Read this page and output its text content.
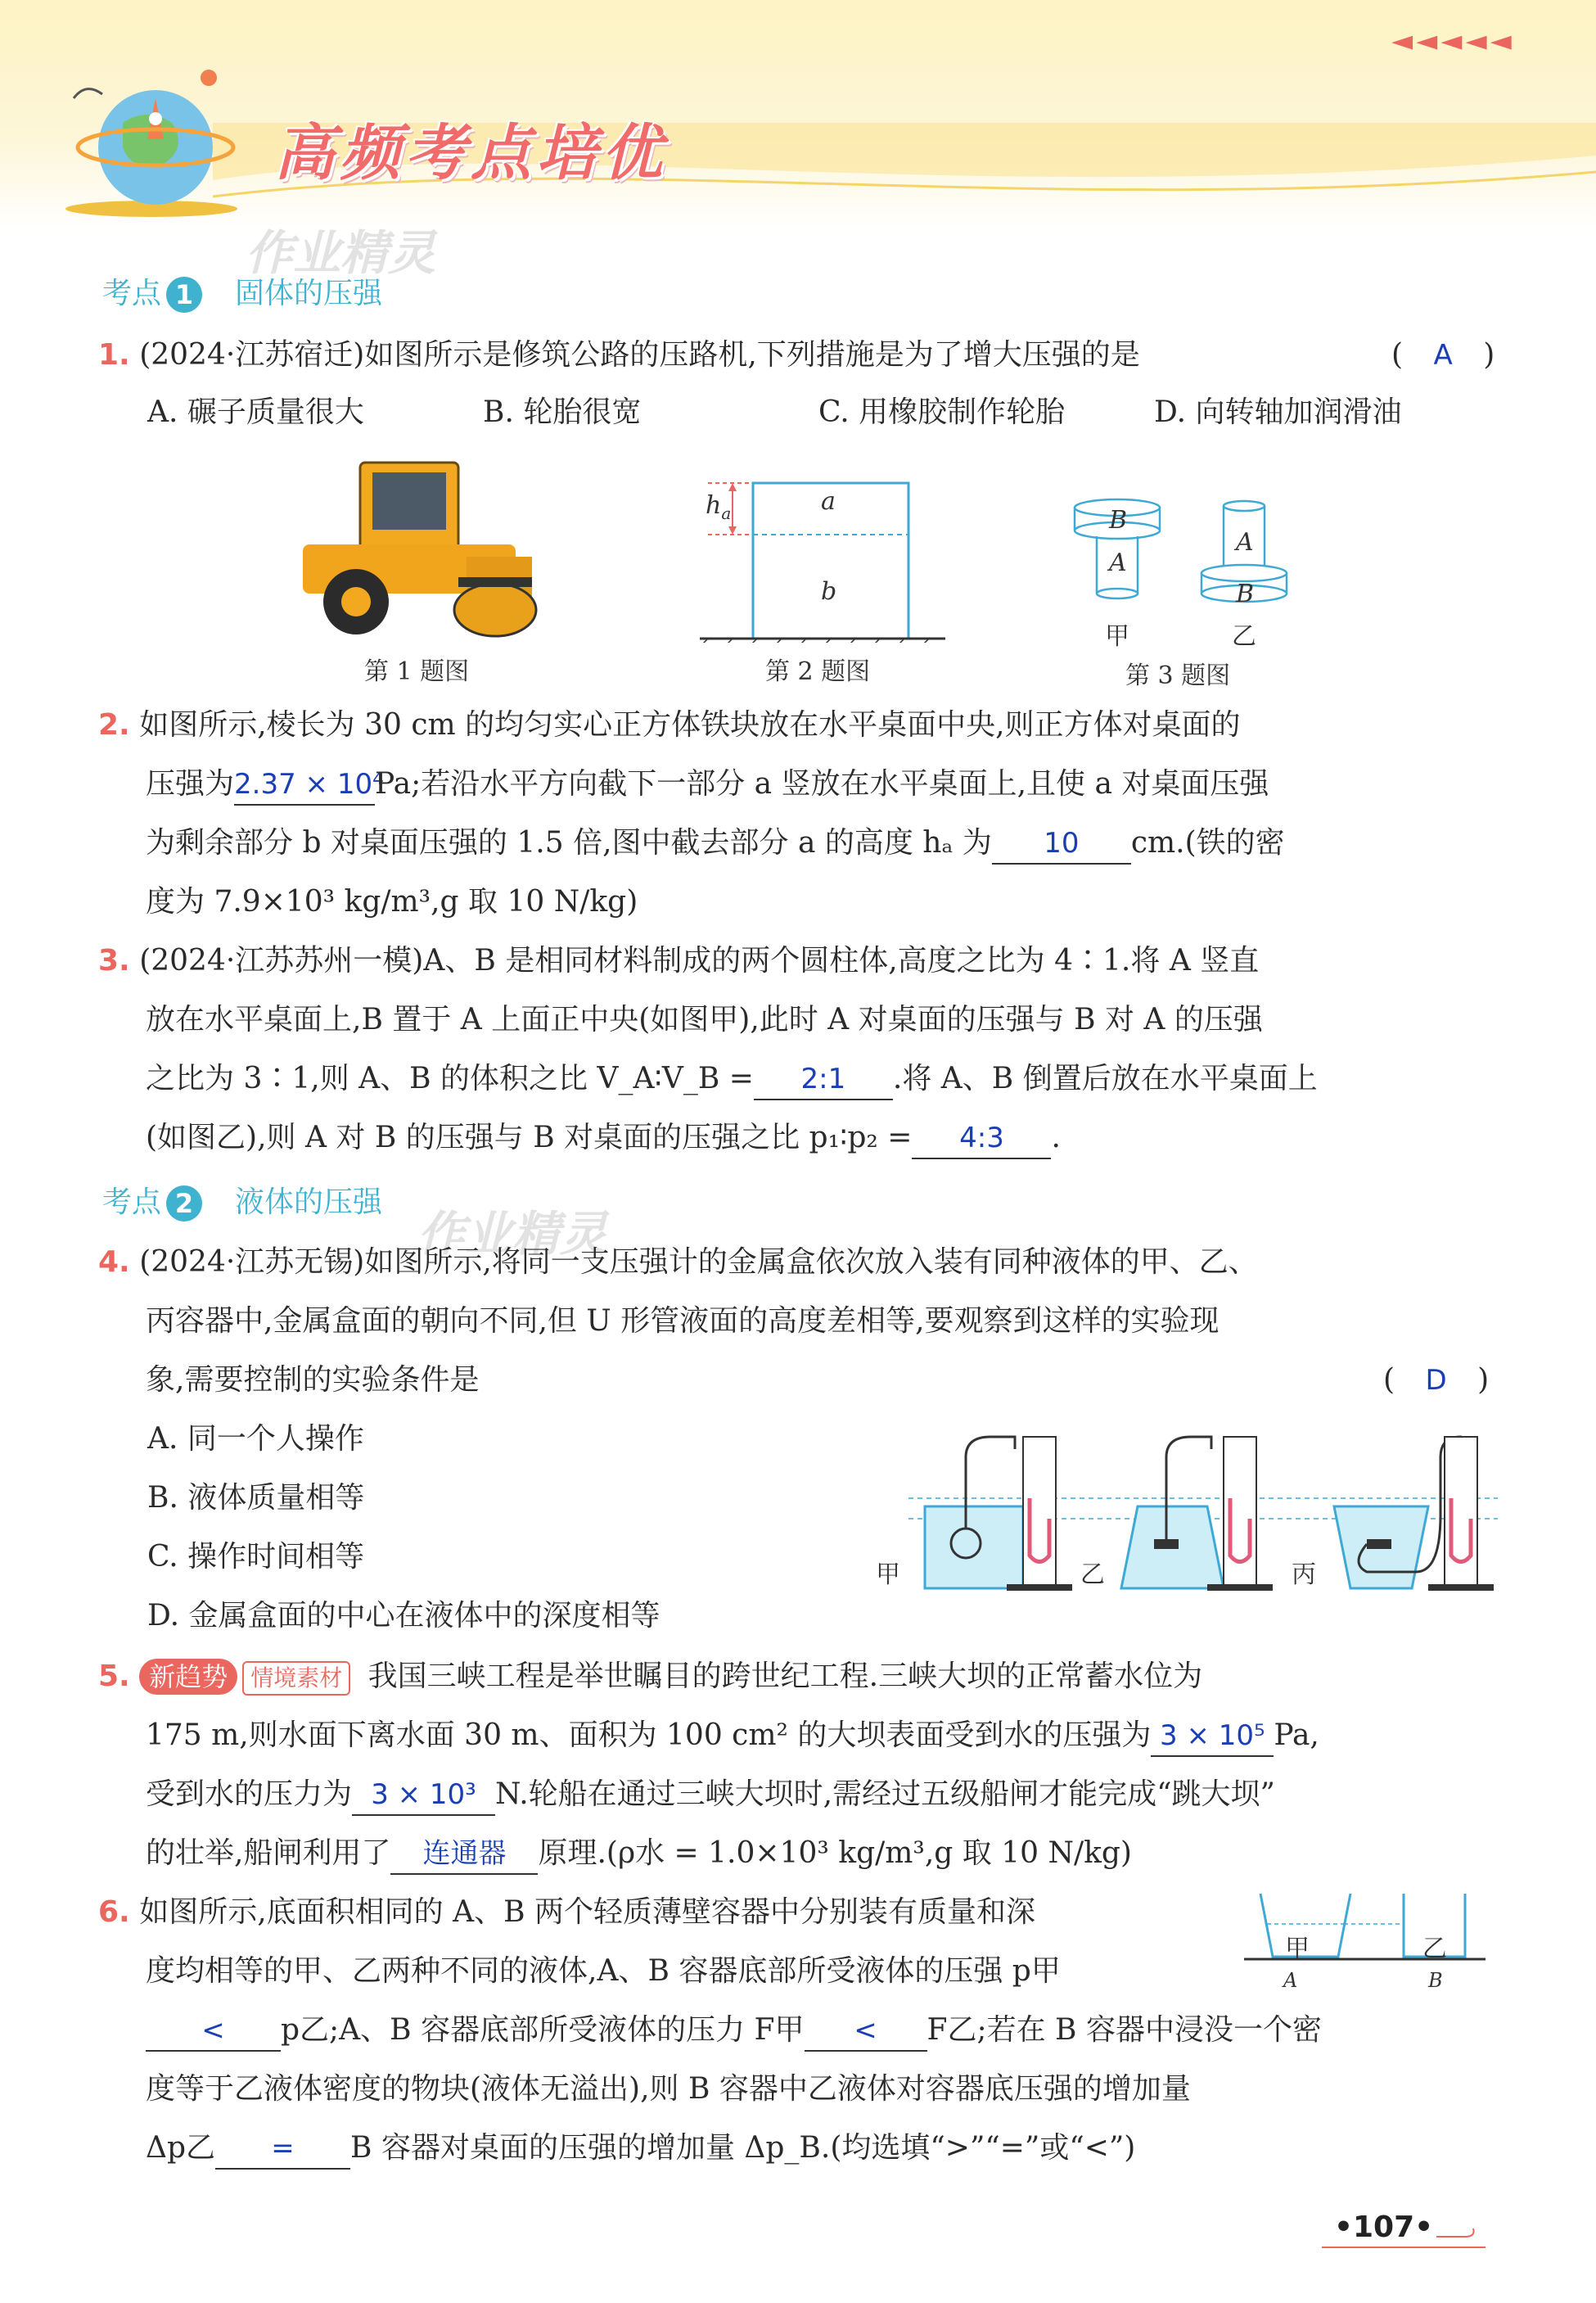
高频考点培优
◄◄◄◄◄
作业精灵
作业精灵
考点 1 固体的压强
1. (2024·江苏宿迁)如图所示是修筑公路的压路机,下列措施是为了增大压强的是	( A )
A. 碾子质量很大	B. 轮胎很宽	C. 用橡胶制作轮胎	D. 向转轴加润滑油
第 1 题图
a
b
$h_a$
第 2 题图
B
A
A
B
甲	乙
第 3 题图
2. 如图所示,棱长为 30 cm 的均匀实心正方体铁块放在水平桌面中央,则正方体对桌面的
压强为2.37 × 10⁴Pa;若沿水平方向截下一部分 a 竖放在水平桌面上,且使 a 对桌面压强
为剩余部分 b 对桌面压强的 1.5 倍,图中截去部分 a 的高度 hₐ 为 10 cm.(铁的密
度为 7.9×10³ kg/m³,g 取 10 N/kg)
3. (2024·江苏苏州一模)A、B 是相同材料制成的两个圆柱体,高度之比为 4∶1.将 A 竖直
放在水平桌面上,B 置于 A 上面正中央(如图甲),此时 A 对桌面的压强与 B 对 A 的压强
之比为 3∶1,则 A、B 的体积之比 V_A∶V_B = 2:1 .将 A、B 倒置后放在水平桌面上
(如图乙),则 A 对 B 的压强与 B 对桌面的压强之比 p₁∶p₂ = 4:3 .
考点 2 液体的压强
4. (2024·江苏无锡)如图所示,将同一支压强计的金属盒依次放入装有同种液体的甲、乙、
丙容器中,金属盒面的朝向不同,但 U 形管液面的高度差相等,要观察到这样的实验现
象,需要控制的实验条件是	( D )
A. 同一个人操作
B. 液体质量相等
C. 操作时间相等
D. 金属盒面的中心在液体中的深度相等
甲	乙	丙
5. 新趋势 情境素材 我国三峡工程是举世瞩目的跨世纪工程.三峡大坝的正常蓄水位为
175 m,则水面下离水面 30 m、面积为 100 cm² 的大坝表面受到水的压强为 3 × 10⁵ Pa,
受到水的压力为 3 × 10³ N.轮船在通过三峡大坝时,需经过五级船闸才能完成“跳大坝”
的壮举,船闸利用了 连通器 原理.(ρ水 = 1.0×10³ kg/m³,g 取 10 N/kg)
6. 如图所示,底面积相同的 A、B 两个轻质薄壁容器中分别装有质量和深
度均相等的甲、乙两种不同的液体,A、B 容器底部所受液体的压强 p甲
< p乙;A、B 容器底部所受液体的压力 F甲 < F乙;若在 B 容器中浸没一个密
度等于乙液体密度的物块(液体无溢出),则 B 容器中乙液体对容器底压强的增加量
Δp乙 = B 容器对桌面的压强的增加量 Δp_B.(均选填“>”“=”或“<”)
甲	乙
A	B
•107•
